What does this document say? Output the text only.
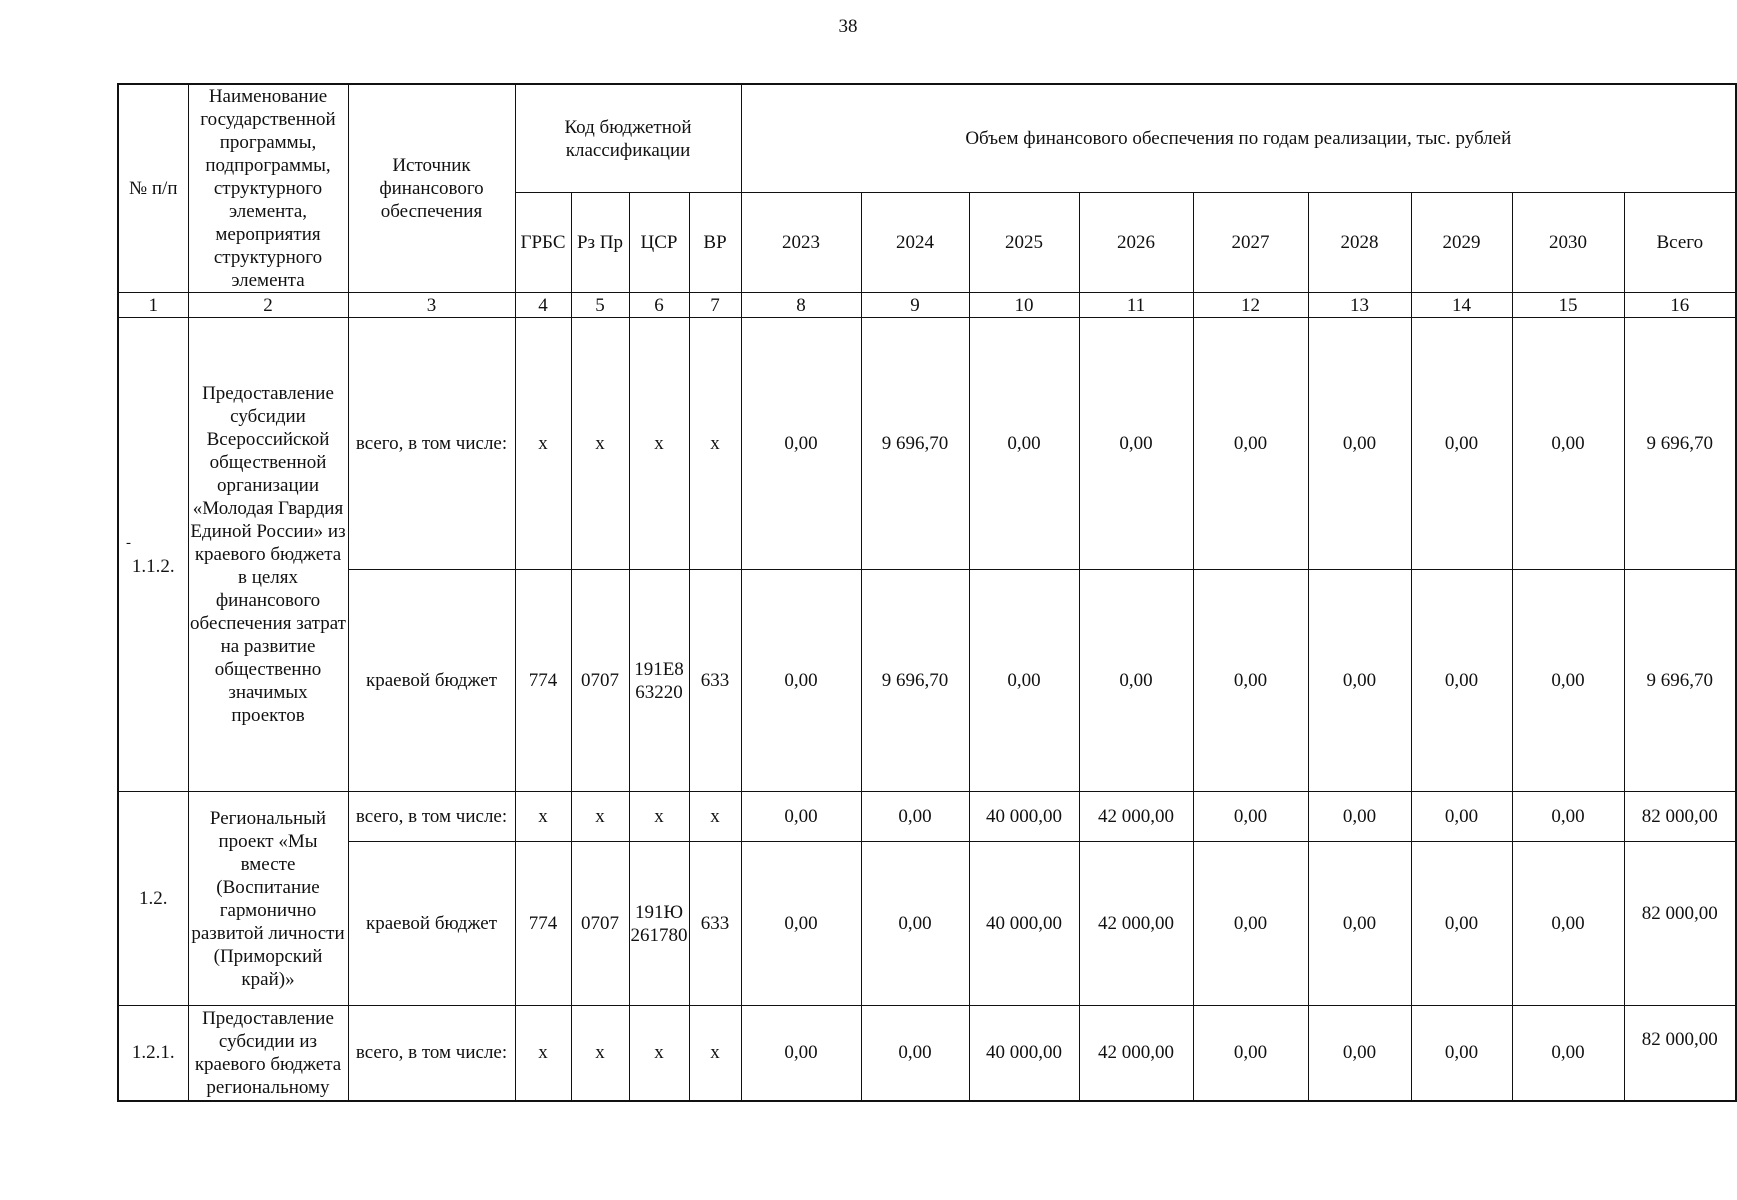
38
№ п/п	Наименование государственной программы, подпрограммы, структурного элемента, мероприятия структурного элемента	Источник финансового обеспечения	Код бюджетной классификации				Объем финансового обеспечения по годам реализации, тыс. рублей								
			ГРБС	Рз Пр	ЦСР	ВР	2023	2024	2025	2026	2027	2028	2029	2030	Всего
1	2	3	4	5	6	7	8	9	10	11	12	13	14	15	16

-
1.1.2.	Предоставление субсидии Всероссийской общественной организации «Молодая Гвардия Единой России» из краевого бюджета в целях финансового обеспечения затрат на развитие общественно значимых проектов	всего, в том числе:	х	х	х	х	0,00	9 696,70	0,00	0,00	0,00	0,00	0,00	0,00	9 696,70
		краевой бюджет	774	0707	191Е863220	633	0,00	9 696,70	0,00	0,00	0,00	0,00	0,00	0,00	9 696,70
1.2.	Региональный проект «Мы вместе (Воспитание гармонично развитой личности (Приморский край)»	всего, в том числе:	х	х	х	х	0,00	0,00	40 000,00	42 000,00	0,00	0,00	0,00	0,00	82 000,00
		краевой бюджет	774	0707	191Ю261780	633	0,00	0,00	40 000,00	42 000,00	0,00	0,00	0,00	0,00	82 000,00
1.2.1.	Предоставление субсидии из краевого бюджета региональному	всего, в том числе:	х	х	х	х	0,00	0,00	40 000,00	42 000,00	0,00	0,00	0,00	0,00	82 000,00
